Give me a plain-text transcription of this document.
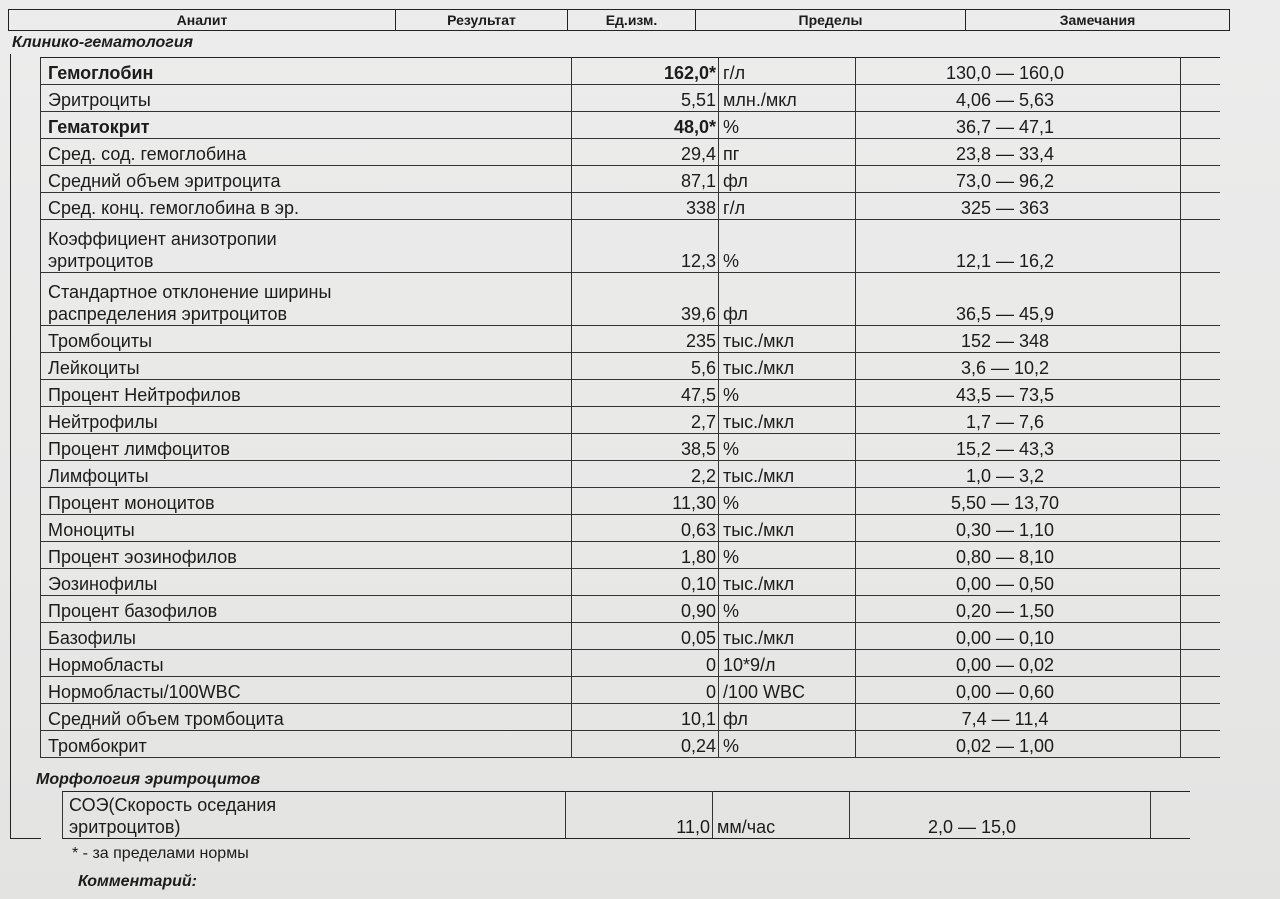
Аналит	Результат	Ед.изм.	Пределы	Замечания
Клинико-гематология
Гемоглобин	162,0*	г/л	130,0 — 160,0	
Эритроциты	5,51	млн./мкл	4,06 — 5,63	
Гематокрит	48,0*	%	36,7 — 47,1	
Сред. сод. гемоглобина	29,4	пг	23,8 — 33,4	
Средний объем эритроцита	87,1	фл	73,0 — 96,2	
Сред. конц. гемоглобина в эр.	338	г/л	325 — 363	
Коэффициент анизотропии
эритроцитов	12,3	%	12,1 — 16,2	
Стандартное отклонение ширины
распределения эритроцитов	39,6	фл	36,5 — 45,9	
Тромбоциты	235	тыс./мкл	152 — 348	
Лейкоциты	5,6	тыс./мкл	3,6 — 10,2	
Процент Нейтрофилов	47,5	%	43,5 — 73,5	
Нейтрофилы	2,7	тыс./мкл	1,7 — 7,6	
Процент лимфоцитов	38,5	%	15,2 — 43,3	
Лимфоциты	2,2	тыс./мкл	1,0 — 3,2	
Процент моноцитов	11,30	%	5,50 — 13,70	
Моноциты	0,63	тыс./мкл	0,30 — 1,10	
Процент эозинофилов	1,80	%	0,80 — 8,10	
Эозинофилы	0,10	тыс./мкл	0,00 — 0,50	
Процент базофилов	0,90	%	0,20 — 1,50	
Базофилы	0,05	тыс./мкл	0,00 — 0,10	
Нормобласты	0	10*9/л	0,00 — 0,02	
Нормобласты/100WBC	0	/100 WBC	0,00 — 0,60	
Средний объем тромбоцита	10,1	фл	7,4 — 11,4	
Тромбокрит	0,24	%	0,02 — 1,00	
Морфология эритроцитов
СОЭ(Скорость оседания
эритроцитов)	11,0	мм/час	2,0 — 15,0	
* - за пределами нормы
Комментарий:
